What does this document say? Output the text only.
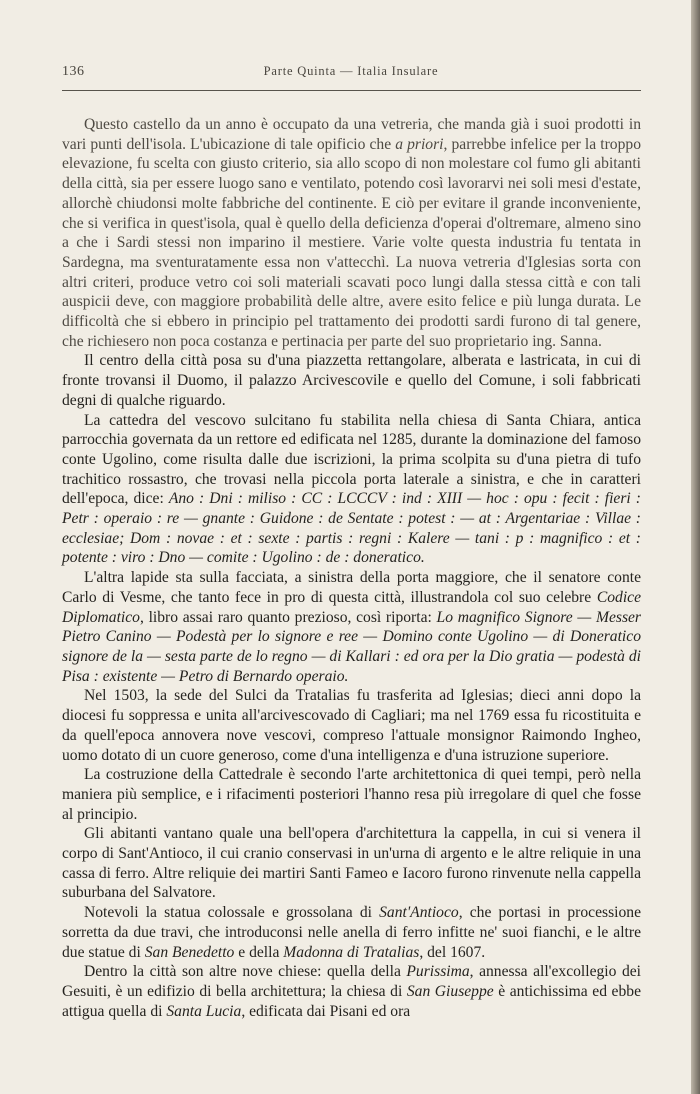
136	Parte Quinta — Italia Insulare

Questo castello da un anno è occupato da una vetreria, che manda già i suoi prodotti in vari punti dell'isola. L'ubicazione di tale opificio che a priori, parrebbe infelice per la troppo elevazione, fu scelta con giusto criterio, sia allo scopo di non molestare col fumo gli abitanti della città, sia per essere luogo sano e ventilato, potendo così lavorarvi nei soli mesi d'estate, allorchè chiudonsi molte fabbriche del continente. E ciò per evitare il grande inconveniente, che si verifica in quest'isola, qual è quello della deficienza d'operai d'oltremare, almeno sino a che i Sardi stessi non imparino il mestiere. Varie volte questa industria fu tentata in Sardegna, ma sventuratamente essa non v'attecchì. La nuova vetreria d'Iglesias sorta con altri criteri, produce vetro coi soli materiali scavati poco lungi dalla stessa città e con tali auspicii deve, con maggiore probabilità delle altre, avere esito felice e più lunga durata. Le difficoltà che si ebbero in principio pel trattamento dei prodotti sardi furono di tal genere, che richiesero non poca costanza e pertinacia per parte del suo proprietario ing. Sanna.

Il centro della città posa su d'una piazzetta rettangolare, alberata e lastricata, in cui di fronte trovansi il Duomo, il palazzo Arcivescovile e quello del Comune, i soli fabbricati degni di qualche riguardo.

La cattedra del vescovo sulcitano fu stabilita nella chiesa di Santa Chiara, antica parrocchia governata da un rettore ed edificata nel 1285, durante la dominazione del famoso conte Ugolino, come risulta dalle due iscrizioni, la prima scolpita su d'una pietra di tufo trachitico rossastro, che trovasi nella piccola porta laterale a sinistra, e che in caratteri dell'epoca, dice: Ano : Dni : miliso : CC : LCCCV : ind : XIII — hoc : opu : fecit : fieri : Petr : operaio : re — gnante : Guidone : de Sentate : potest : — at : Argentariae : Villae : ecclesiae; Dom : novae : et : sexte : partis : regni : Kalere — tani : p : magnifico : et : potente : viro : Dno — comite : Ugolino : de : doneratico.

L'altra lapide sta sulla facciata, a sinistra della porta maggiore, che il senatore conte Carlo di Vesme, che tanto fece in pro di questa città, illustrandola col suo celebre Codice Diplomatico, libro assai raro quanto prezioso, così riporta: Lo magnifico Signore — Messer Pietro Canino — Podestà per lo signore e ree — Domino conte Ugolino — di Doneratico signore de la — sesta parte de lo regno — di Kallari : ed ora per la Dio gratia — podestà di Pisa : existente — Petro di Bernardo operaio.

Nel 1503, la sede del Sulci da Tratalias fu trasferita ad Iglesias; dieci anni dopo la diocesi fu soppressa e unita all'arcivescovado di Cagliari; ma nel 1769 essa fu ricostituita e da quell'epoca annovera nove vescovi, compreso l'attuale monsignor Raimondo Ingheo, uomo dotato di un cuore generoso, come d'una intelligenza e d'una istruzione superiore.

La costruzione della Cattedrale è secondo l'arte architettonica di quei tempi, però nella maniera più semplice, e i rifacimenti posteriori l'hanno resa più irregolare di quel che fosse al principio.

Gli abitanti vantano quale una bell'opera d'architettura la cappella, in cui si venera il corpo di Sant'Antioco, il cui cranio conservasi in un'urna di argento e le altre reliquie in una cassa di ferro. Altre reliquie dei martiri Santi Fameo e Iacoro furono rinvenute nella cappella suburbana del Salvatore.

Notevoli la statua colossale e grossolana di Sant'Antioco, che portasi in processione sorretta da due travi, che introduconsi nelle anella di ferro infitte ne' suoi fianchi, e le altre due statue di San Benedetto e della Madonna di Tratalias, del 1607.

Dentro la città son altre nove chiese: quella della Purissima, annessa all'excollegio dei Gesuiti, è un edifizio di bella architettura; la chiesa di San Giuseppe è antichissima ed ebbe attigua quella di Santa Lucia, edificata dai Pisani ed ora
